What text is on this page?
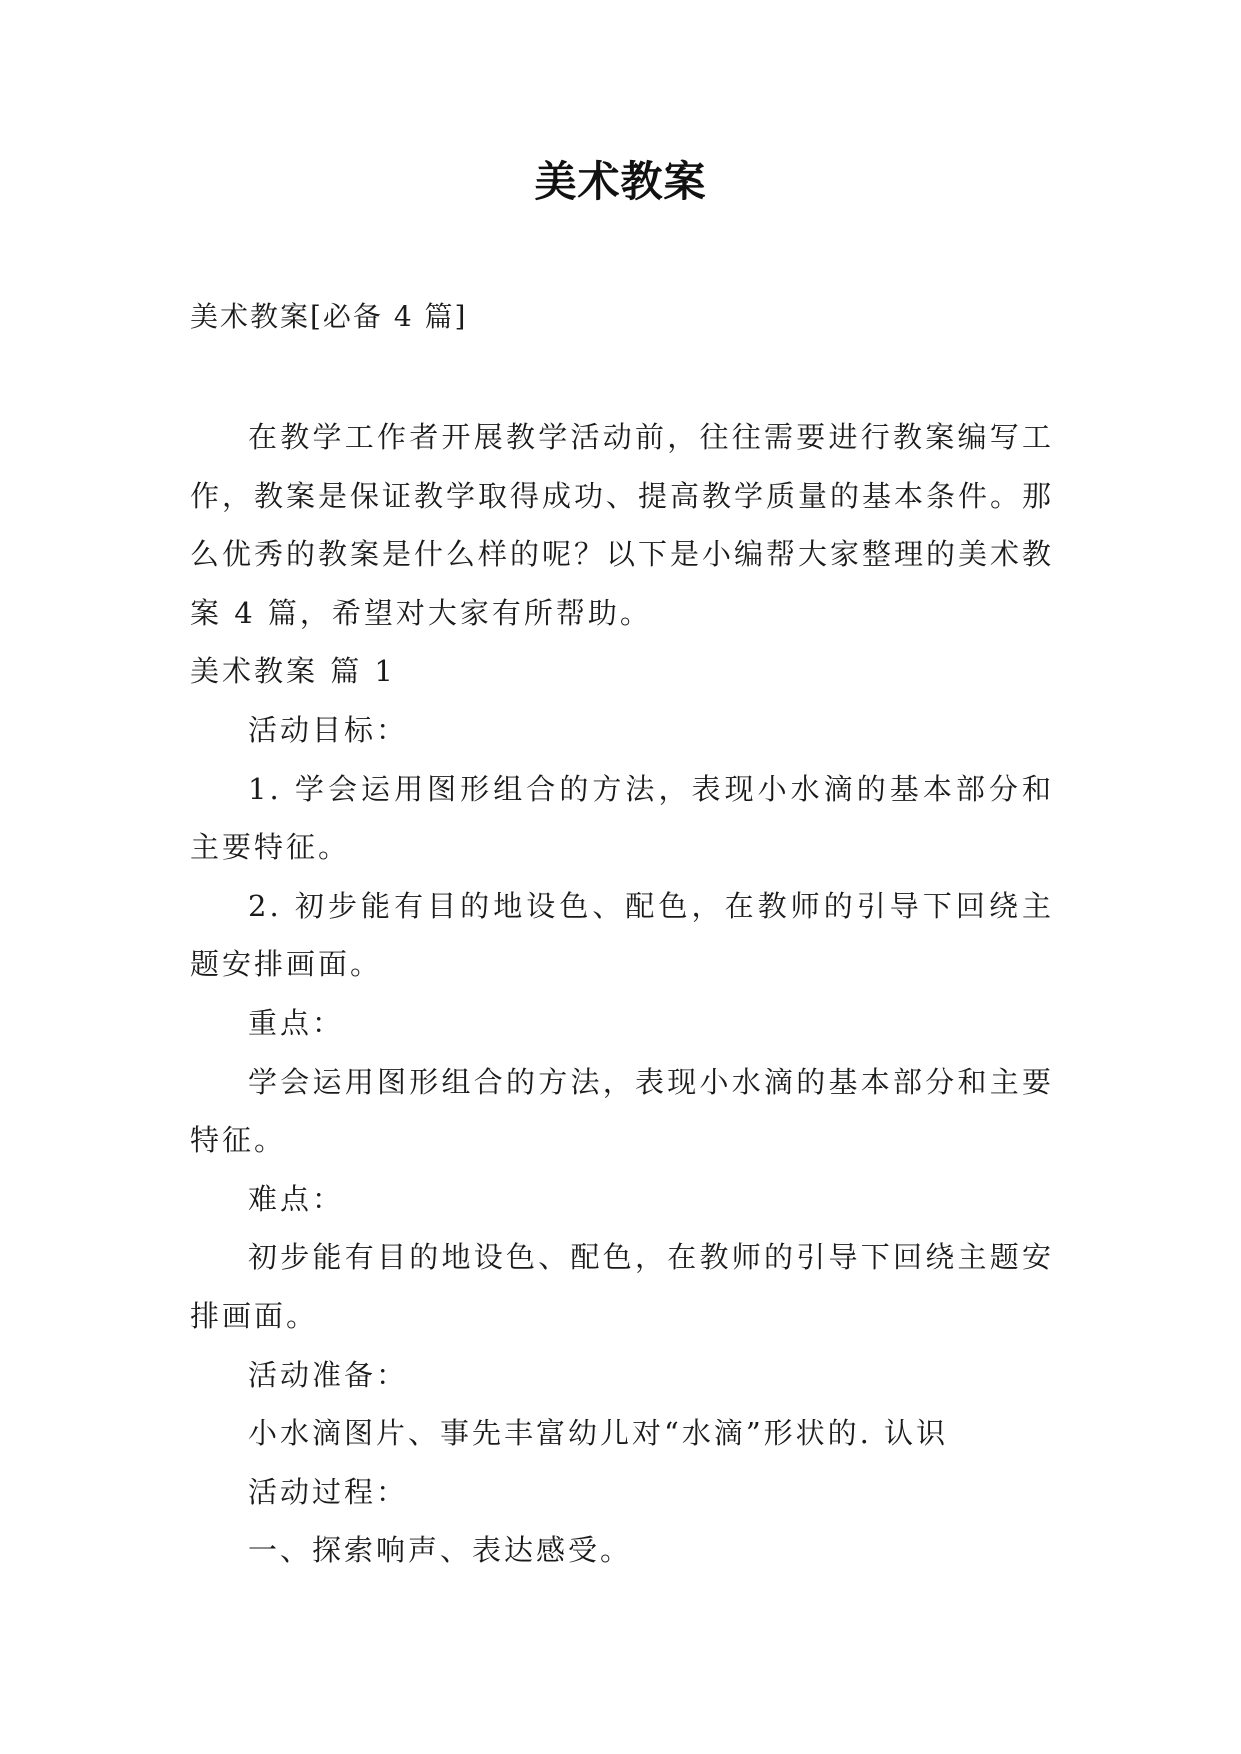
美术教案
美术教案[必备 4 篇]

在教学工作者开展教学活动前，往往需要进行教案编写工作，教案是保证教学取得成功、提高教学质量的基本条件。那么优秀的教案是什么样的呢？以下是小编帮大家整理的美术教案 4 篇，希望对大家有所帮助。

美术教案 篇 1

活动目标：

1. 学会运用图形组合的方法，表现小水滴的基本部分和主要特征。

2. 初步能有目的地设色、配色，在教师的引导下回绕主题安排画面。

重点：

学会运用图形组合的方法，表现小水滴的基本部分和主要特征。

难点：

初步能有目的地设色、配色，在教师的引导下回绕主题安排画面。

活动准备：

小水滴图片、事先丰富幼儿对“水滴”形状的. 认识

活动过程：

一、探索响声、表达感受。
